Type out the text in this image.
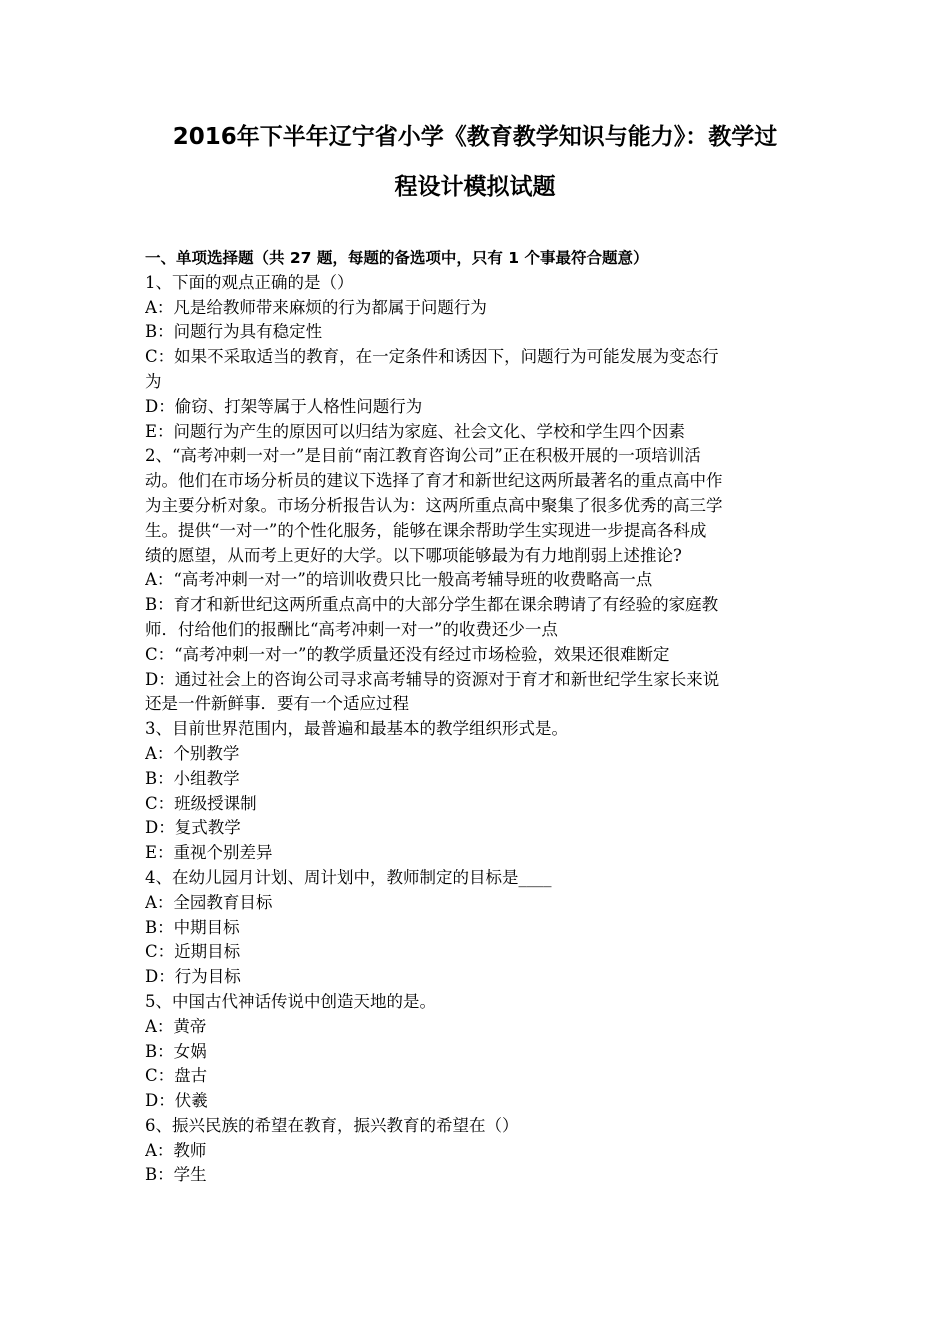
2016年下半年辽宁省小学《教育教学知识与能力》：教学过
程设计模拟试题
一、单项选择题（共 27 题，每题的备选项中，只有 1 个事最符合题意）
1、下面的观点正确的是（）
A：凡是给教师带来麻烦的行为都属于问题行为
B：问题行为具有稳定性
C：如果不采取适当的教育，在一定条件和诱因下，问题行为可能发展为变态行
为
D：偷窃、打架等属于人格性问题行为
E：问题行为产生的原因可以归结为家庭、社会文化、学校和学生四个因素
2、“高考冲刺一对一”是目前“南江教育咨询公司”正在积极开展的一项培训活
动。他们在市场分析员的建议下选择了育才和新世纪这两所最著名的重点高中作
为主要分析对象。市场分析报告认为：这两所重点高中聚集了很多优秀的高三学
生。提供“一对一”的个性化服务，能够在课余帮助学生实现进一步提高各科成
绩的愿望，从而考上更好的大学。以下哪项能够最为有力地削弱上述推论?
A：“高考冲刺一对一”的培训收费只比一般高考辅导班的收费略高一点
B：育才和新世纪这两所重点高中的大部分学生都在课余聘请了有经验的家庭教
师．付给他们的报酬比“高考冲刺一对一”的收费还少一点
C：“高考冲刺一对一”的教学质量还没有经过市场检验，效果还很难断定
D：通过社会上的咨询公司寻求高考辅导的资源对于育才和新世纪学生家长来说
还是一件新鲜事．要有一个适应过程
3、目前世界范围内，最普遍和最基本的教学组织形式是。
A：个别教学
B：小组教学
C：班级授课制
D：复式教学
E：重视个别差异
4、在幼儿园月计划、周计划中，教师制定的目标是____
A：全园教育目标
B：中期目标
C：近期目标
D：行为目标
5、中国古代神话传说中创造天地的是。
A：黄帝
B：女娲
C：盘古
D：伏羲
6、振兴民族的希望在教育，振兴教育的希望在（）
A：教师
B：学生
